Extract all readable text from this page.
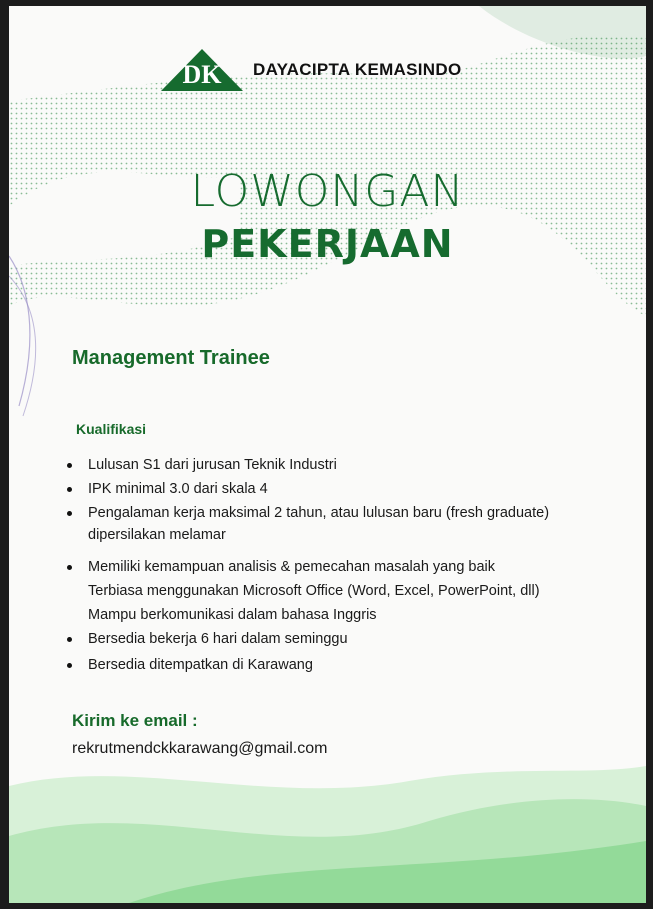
DK DAYACIPTA KEMASINDO
LOWONGAN
PEKERJAAN
Management Trainee
Kualifikasi
Lulusan S1 dari jurusan Teknik Industri
IPK minimal 3.0 dari skala 4
Pengalaman kerja maksimal 2 tahun, atau lulusan baru (fresh graduate) dipersilakan melamar
Memiliki kemampuan analisis & pemecahan masalah yang baik
Terbiasa menggunakan Microsoft Office (Word, Excel, PowerPoint, dll)
Mampu berkomunikasi dalam bahasa Inggris
Bersedia bekerja 6 hari dalam seminggu
Bersedia ditempatkan di Karawang
Kirim ke email :
rekrutmendckkarawang@gmail.com
